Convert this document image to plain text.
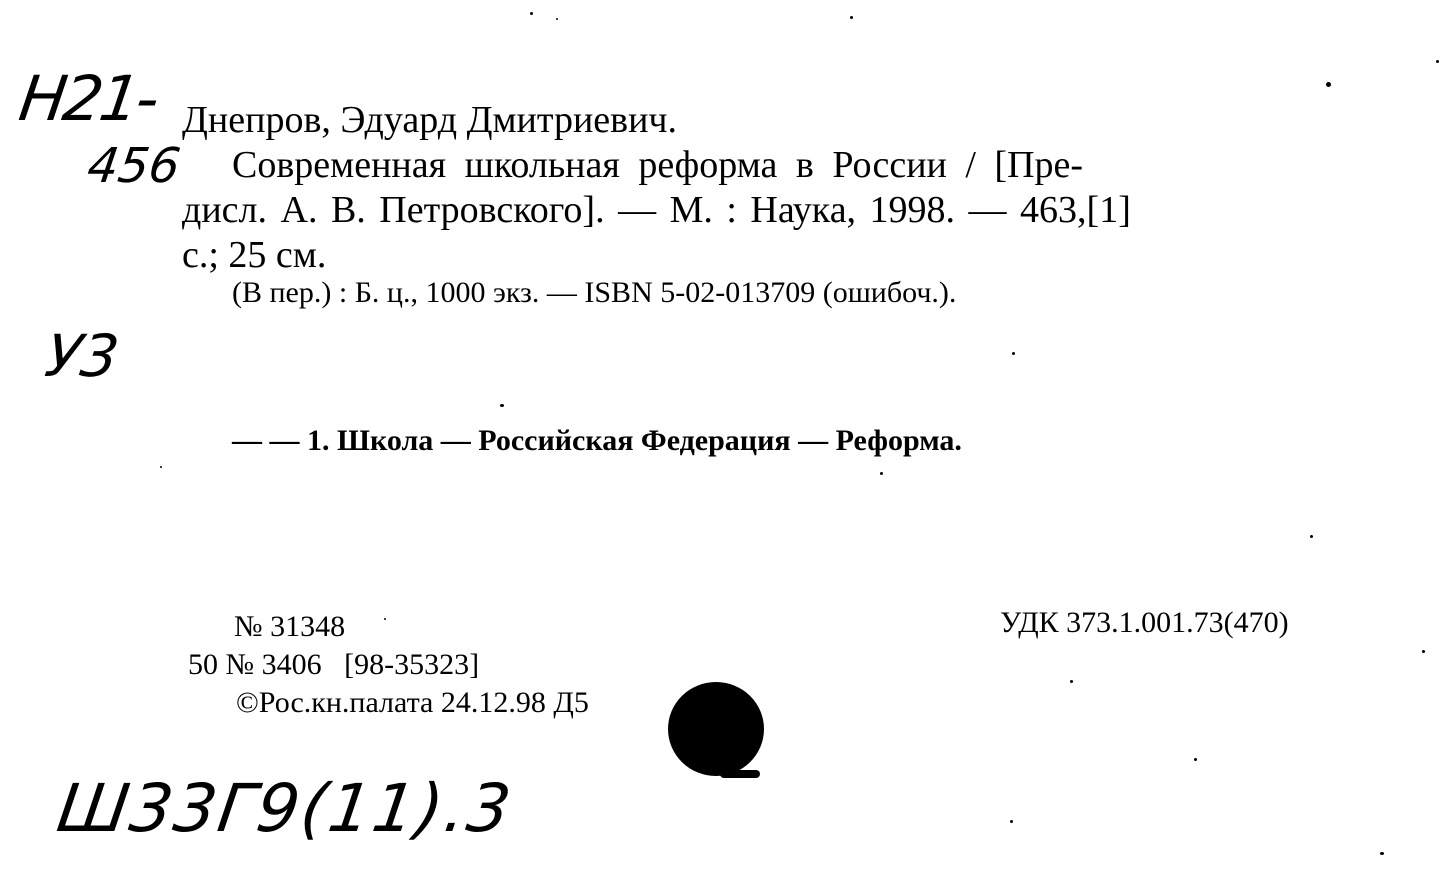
Н21-
456
У3
Ш33Г9(11).3
Днепров, Эдуард Дмитриевич.
Современная школьная реформа в России / [Пре-
дисл. А. В. Петровского]. — М. : Наука, 1998. — 463,[1]
с.; 25 см.
(В пер.) : Б. ц., 1000 экз. — ISBN 5-02-013709 (ошибоч.).
— — 1. Школа — Российская Федерация — Реформа.
№ 31348
50 № 3406   [98-35323]
©Рос.кн.палата 24.12.98 Д5
УДК 373.1.001.73(470)
